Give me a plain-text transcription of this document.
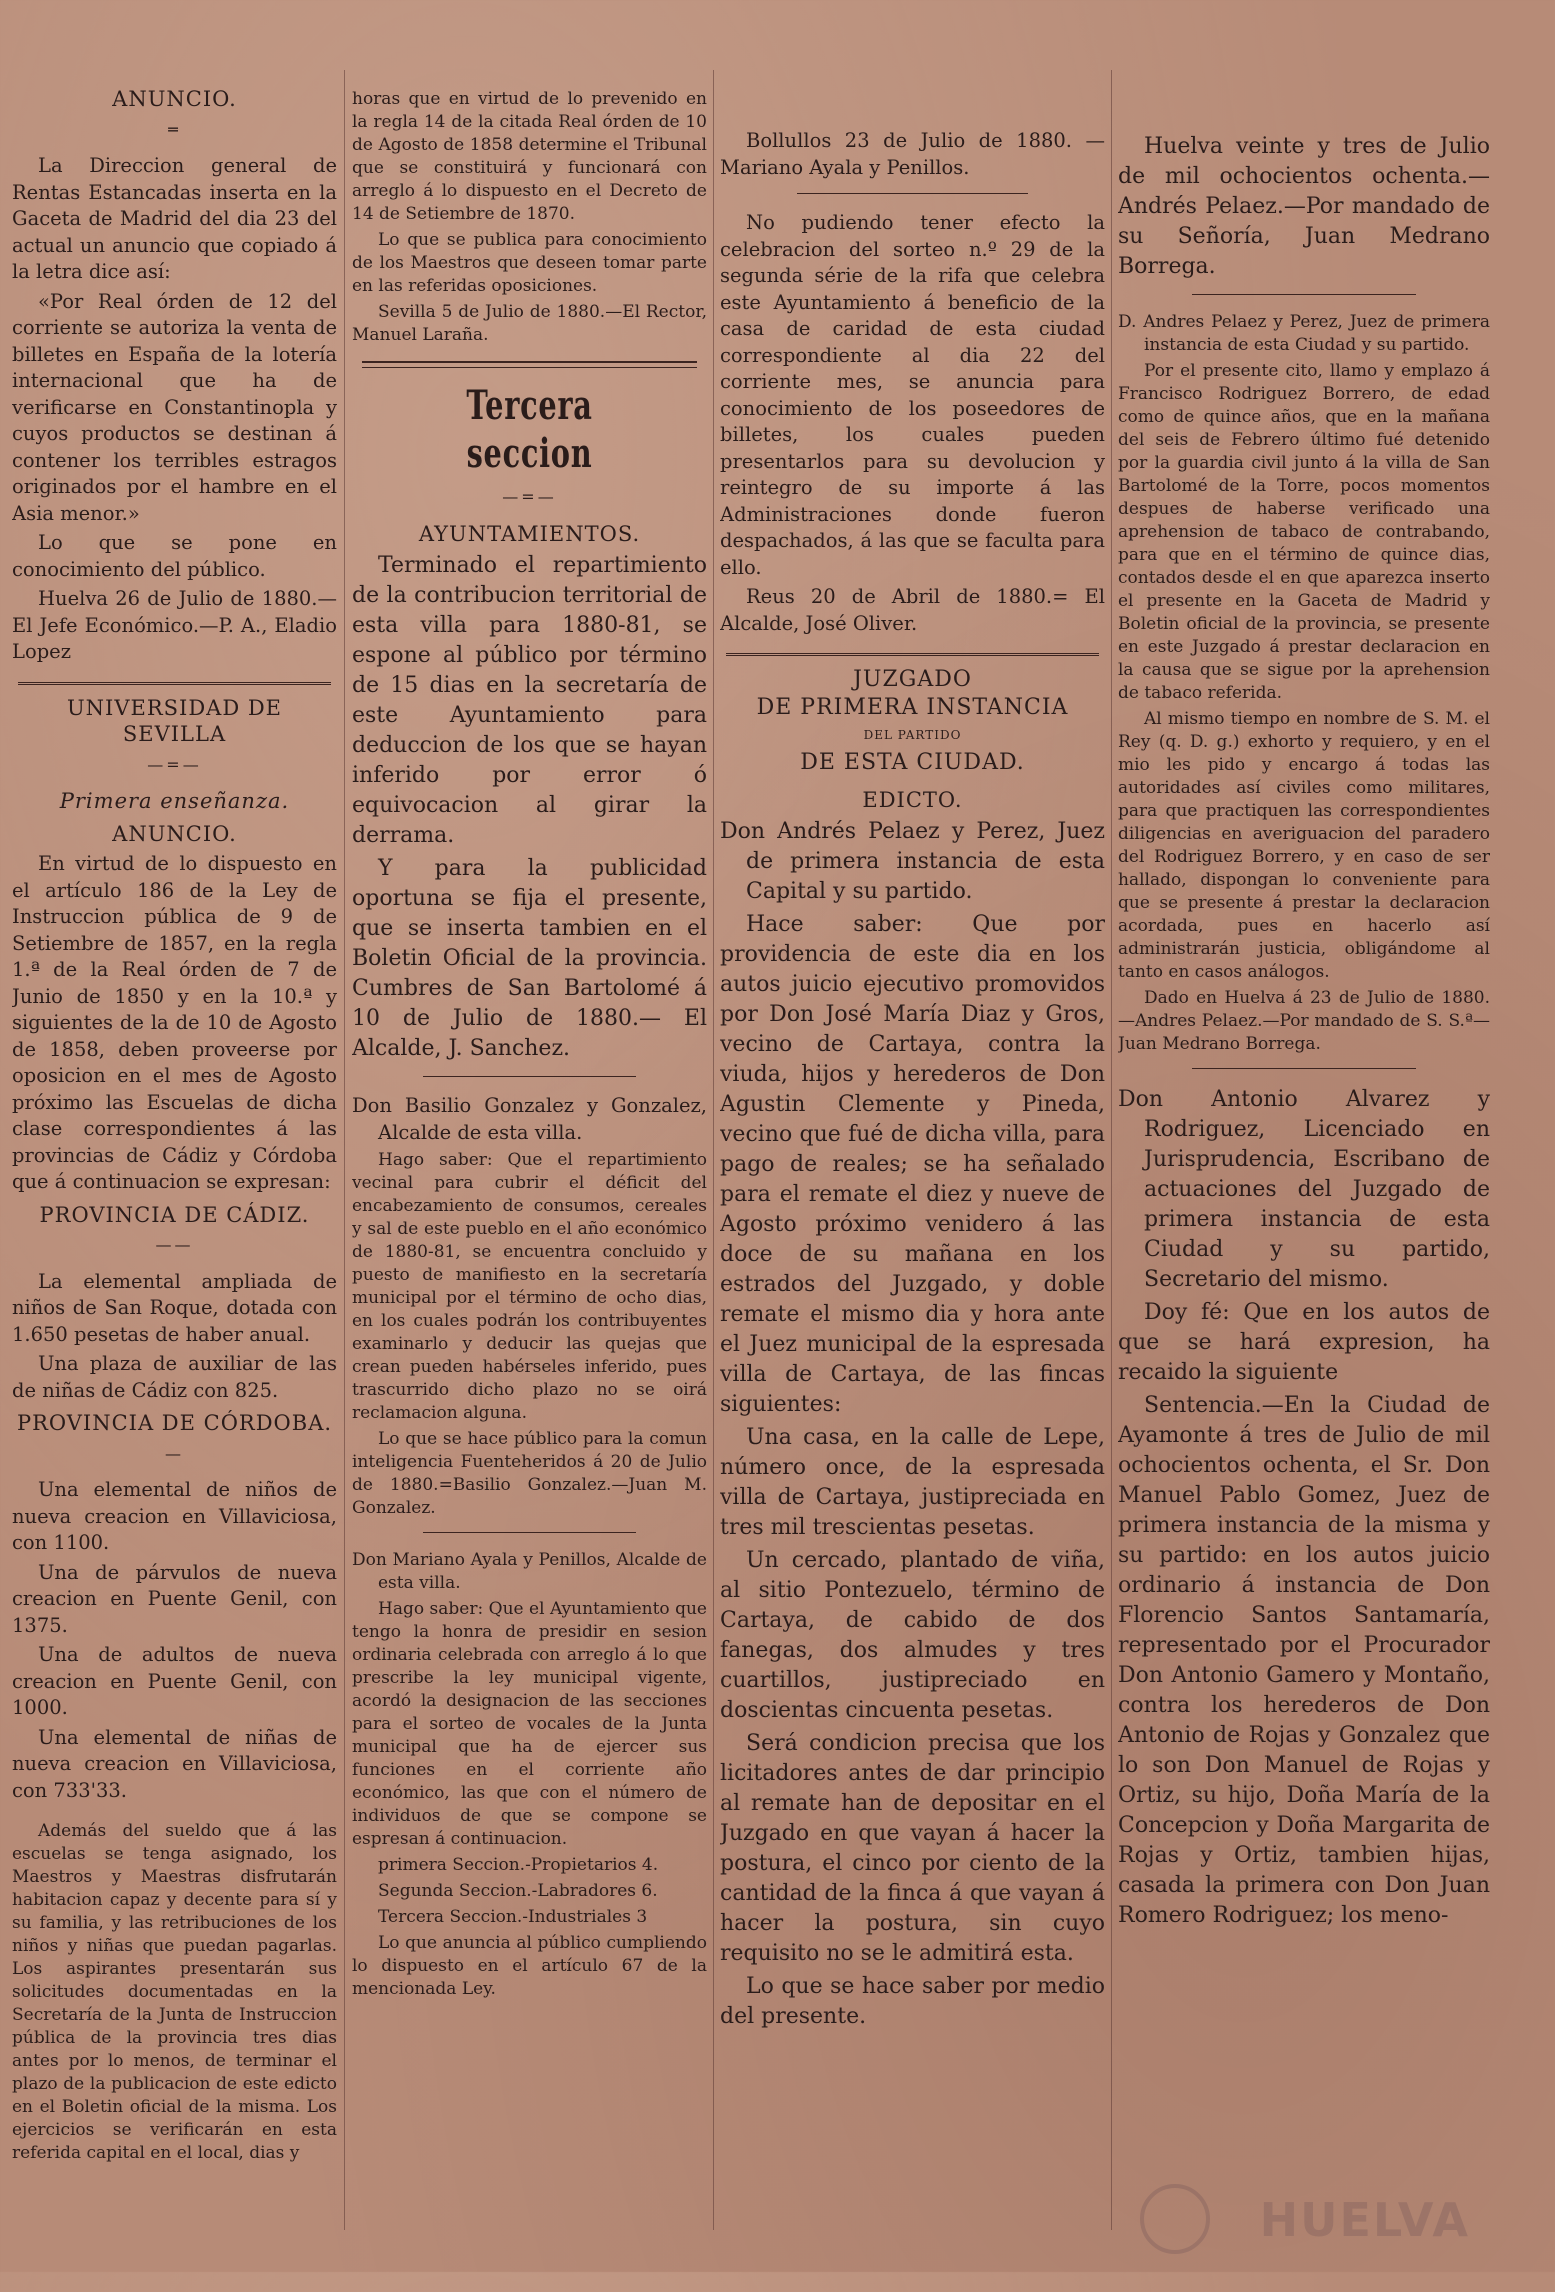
ANUNCIO.
═

La Direccion general de Rentas Estancadas inserta en la Gaceta de Madrid del dia 23 del actual un anuncio que copiado á la letra dice así:

«Por Real órden de 12 del corriente se autoriza la venta de billetes en España de la lotería internacional que ha de verificarse en Constantinopla y cuyos productos se destinan á contener los terribles estragos originados por el hambre en el Asia menor.»

Lo que se pone en conocimiento del público.

Huelva 26 de Julio de 1880.— El Jefe Económico.—P. A., Eladio Lopez

UNIVERSIDAD DE SEVILLA
—=—
Primera enseñanza.
ANUNCIO.

En virtud de lo dispuesto en el artículo 186 de la Ley de Instruccion pública de 9 de Setiembre de 1857, en la regla 1.ª de la Real órden de 7 de Junio de 1850 y en la 10.ª y siguientes de la de 10 de Agosto de 1858, deben proveerse por oposicion en el mes de Agosto próximo las Escuelas de dicha clase correspondientes á las provincias de Cádiz y Córdoba que á continuacion se expresan:

PROVINCIA DE CÁDIZ.
——

La elemental ampliada de niños de San Roque, dotada con 1.650 pesetas de haber anual.

Una plaza de auxiliar de las de niñas de Cádiz con 825.

PROVINCIA DE CÓRDOBA.
—

Una elemental de niños de nueva creacion en Villaviciosa, con 1100.

Una de párvulos de nueva creacion en Puente Genil, con 1375.

Una de adultos de nueva creacion en Puente Genil, con 1000.

Una elemental de niñas de nueva creacion en Villaviciosa, con 733'33.

Además del sueldo que á las escuelas se tenga asignado, los Maestros y Maestras disfrutarán habitacion capaz y decente para sí y su familia, y las retribuciones de los niños y niñas que puedan pagarlas. Los aspirantes presentarán sus solicitudes documentadas en la Secretaría de la Junta de Instruccion pública de la provincia tres dias antes por lo menos, de terminar el plazo de la publicacion de este edicto en el Boletin oficial de la misma. Los ejercicios se verificarán en esta referida capital en el local, dias y

horas que en virtud de lo prevenido en la regla 14 de la citada Real órden de 10 de Agosto de 1858 determine el Tribunal que se constituirá y funcionará con arreglo á lo dispuesto en el Decreto de 14 de Setiembre de 1870.

Lo que se publica para conocimiento de los Maestros que deseen tomar parte en las referidas oposiciones.

Sevilla 5 de Julio de 1880.—El Rector, Manuel Laraña.

Tercera seccion
—=—
AYUNTAMIENTOS.

Terminado el repartimiento de la contribucion territorial de esta villa para 1880-81, se espone al público por término de 15 dias en la secretaría de este Ayuntamiento para deduccion de los que se hayan inferido por error ó equivocacion al girar la derrama.

Y para la publicidad oportuna se fija el presente, que se inserta tambien en el Boletin Oficial de la provincia. Cumbres de San Bartolomé á 10 de Julio de 1880.— El Alcalde, J. Sanchez.

Don Basilio Gonzalez y Gonzalez, Alcalde de esta villa.

Hago saber: Que el repartimiento vecinal para cubrir el déficit del encabezamiento de consumos, cereales y sal de este pueblo en el año económico de 1880-81, se encuentra concluido y puesto de manifiesto en la secretaría municipal por el término de ocho dias, en los cuales podrán los contribuyentes examinarlo y deducir las quejas que crean pueden habérseles inferido, pues trascurrido dicho plazo no se oirá reclamacion alguna.

Lo que se hace público para la comun inteligencia Fuenteheridos á 20 de Julio de 1880.=Basilio Gonzalez.—Juan M. Gonzalez.

Don Mariano Ayala y Penillos, Alcalde de esta villa.

Hago saber: Que el Ayuntamiento que tengo la honra de presidir en sesion ordinaria celebrada con arreglo á lo que prescribe la ley municipal vigente, acordó la designacion de las secciones para el sorteo de vocales de la Junta municipal que ha de ejercer sus funciones en el corriente año económico, las que con el número de individuos de que se compone se espresan á continuacion.

primera Seccion.-Propietarios 4.

Segunda Seccion.-Labradores 6.

Tercera Seccion.-Industriales 3

Lo que anuncia al público cumpliendo lo dispuesto en el artículo 67 de la mencionada Ley.

Bollullos 23 de Julio de 1880. —Mariano Ayala y Penillos.

No pudiendo tener efecto la celebracion del sorteo n.º 29 de la segunda série de la rifa que celebra este Ayuntamiento á beneficio de la casa de caridad de esta ciudad correspondiente al dia 22 del corriente mes, se anuncia para conocimiento de los poseedores de billetes, los cuales pueden presentarlos para su devolucion y reintegro de su importe á las Administraciones donde fueron despachados, á las que se faculta para ello.

Reus 20 de Abril de 1880.= El Alcalde, José Oliver.

JUZGADO
DE PRIMERA INSTANCIA
DEL PARTIDO
DE ESTA CIUDAD.
EDICTO.

Don Andrés Pelaez y Perez, Juez de primera instancia de esta Capital y su partido.

Hace saber: Que por providencia de este dia en los autos juicio ejecutivo promovidos por Don José María Diaz y Gros, vecino de Cartaya, contra la viuda, hijos y herederos de Don Agustin Clemente y Pineda, vecino que fué de dicha villa, para pago de reales; se ha señalado para el remate el diez y nueve de Agosto próximo venidero á las doce de su mañana en los estrados del Juzgado, y doble remate el mismo dia y hora ante el Juez municipal de la espresada villa de Cartaya, de las fincas siguientes:

Una casa, en la calle de Lepe, número once, de la espresada villa de Cartaya, justipreciada en tres mil trescientas pesetas.

Un cercado, plantado de viña, al sitio Pontezuelo, término de Cartaya, de cabido de dos fanegas, dos almudes y tres cuartillos, justipreciado en doscientas cincuenta pesetas.

Será condicion precisa que los licitadores antes de dar principio al remate han de depositar en el Juzgado en que vayan á hacer la postura, el cinco por ciento de la cantidad de la finca á que vayan á hacer la postura, sin cuyo requisito no se le admitirá esta.

Lo que se hace saber por medio del presente.

Huelva veinte y tres de Julio de mil ochocientos ochenta.—Andrés Pelaez.—Por mandado de su Señoría, Juan Medrano Borrega.

D. Andres Pelaez y Perez, Juez de primera instancia de esta Ciudad y su partido.

Por el presente cito, llamo y emplazo á Francisco Rodriguez Borrero, de edad como de quince años, que en la mañana del seis de Febrero último fué detenido por la guardia civil junto á la villa de San Bartolomé de la Torre, pocos momentos despues de haberse verificado una aprehension de tabaco de contrabando, para que en el término de quince dias, contados desde el en que aparezca inserto el presente en la Gaceta de Madrid y Boletin oficial de la provincia, se presente en este Juzgado á prestar declaracion en la causa que se sigue por la aprehension de tabaco referida.

Al mismo tiempo en nombre de S. M. el Rey (q. D. g.) exhorto y requiero, y en el mio les pido y encargo á todas las autoridades así civiles como militares, para que practiquen las correspondientes diligencias en averiguacion del paradero del Rodriguez Borrero, y en caso de ser hallado, dispongan lo conveniente para que se presente á prestar la declaracion acordada, pues en hacerlo así administrarán justicia, obligándome al tanto en casos análogos.

Dado en Huelva á 23 de Julio de 1880.—Andres Pelaez.—Por mandado de S. S.ª—Juan Medrano Borrega.

Don Antonio Alvarez y Rodriguez, Licenciado en Jurisprudencia, Escribano de actuaciones del Juzgado de primera instancia de esta Ciudad y su partido, Secretario del mismo.

Doy fé: Que en los autos de que se hará expresion, ha recaido la siguiente

Sentencia.—En la Ciudad de Ayamonte á tres de Julio de mil ochocientos ochenta, el Sr. Don Manuel Pablo Gomez, Juez de primera instancia de la misma y su partido: en los autos juicio ordinario á instancia de Don Florencio Santos Santamaría, representado por el Procurador Don Antonio Gamero y Montaño, contra los herederos de Don Antonio de Rojas y Gonzalez que lo son Don Manuel de Rojas y Ortiz, su hijo, Doña María de la Concepcion y Doña Margarita de Rojas y Ortiz, tambien hijas, casada la primera con Don Juan Romero Rodriguez; los meno-

HUELVA
